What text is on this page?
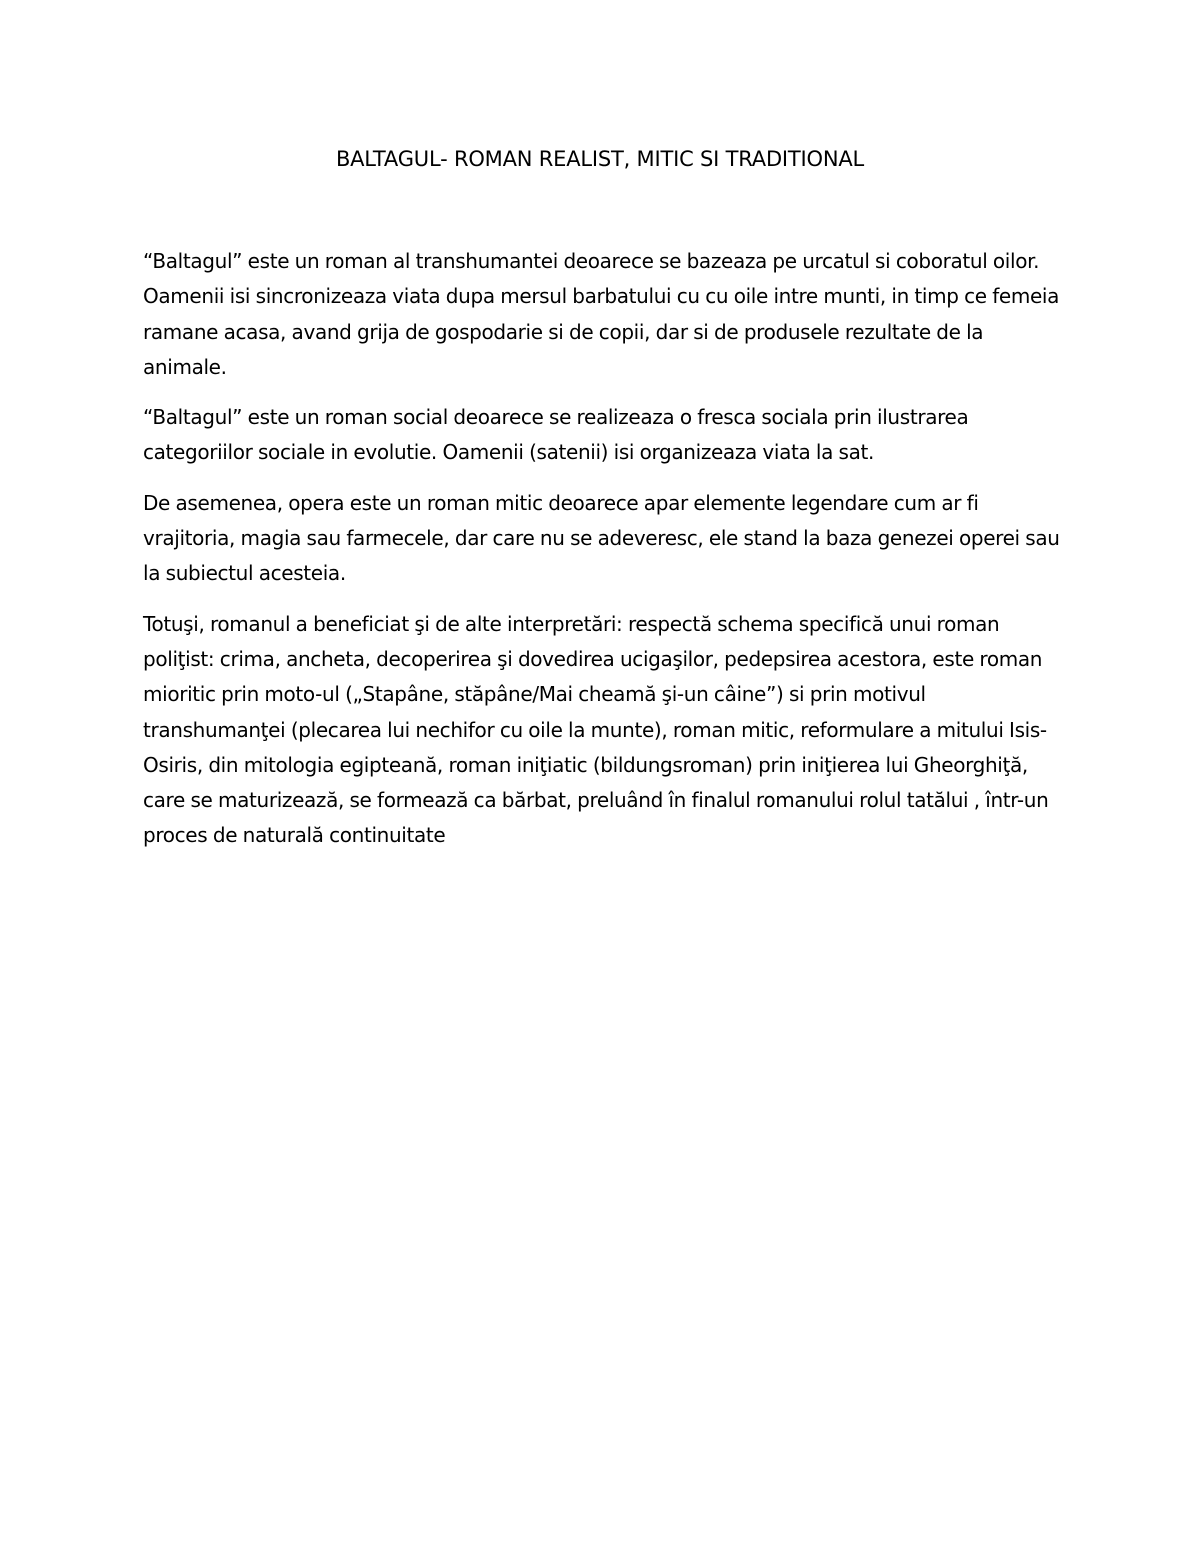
BALTAGUL- ROMAN REALIST, MITIC SI TRADITIONAL

“Baltagul” este un roman al transhumantei deoarece se bazeaza pe urcatul si coboratul oilor. Oamenii isi sincronizeaza viata dupa mersul barbatului cu cu oile intre munti, in timp ce femeia ramane acasa, avand grija de gospodarie si de copii, dar si de produsele rezultate de la animale.

“Baltagul” este un roman social deoarece se realizeaza o fresca sociala prin ilustrarea categoriilor sociale in evolutie. Oamenii (satenii) isi organizeaza viata la sat.

De asemenea, opera este un roman mitic deoarece apar elemente legendare cum ar fi vrajitoria, magia sau farmecele, dar care nu se adeveresc, ele stand la baza genezei operei sau la subiectul acesteia.

Totuşi, romanul a beneficiat şi de alte interpretări: respectă schema specifică unui roman poliţist: crima, ancheta, decoperirea şi dovedirea ucigaşilor, pedepsirea acestora, este roman mioritic prin moto-ul („Stapâne, stăpâne/Mai cheamă şi-un câine”) si prin motivul transhumanţei (plecarea lui nechifor cu oile la munte), roman mitic, reformulare a mitului Isis-Osiris, din mitologia egipteană, roman iniţiatic (bildungsroman) prin iniţierea lui Gheorghiţă, care se maturizează, se formează ca bărbat, preluând în finalul romanului rolul tatălui , într-un proces de naturală continuitate
